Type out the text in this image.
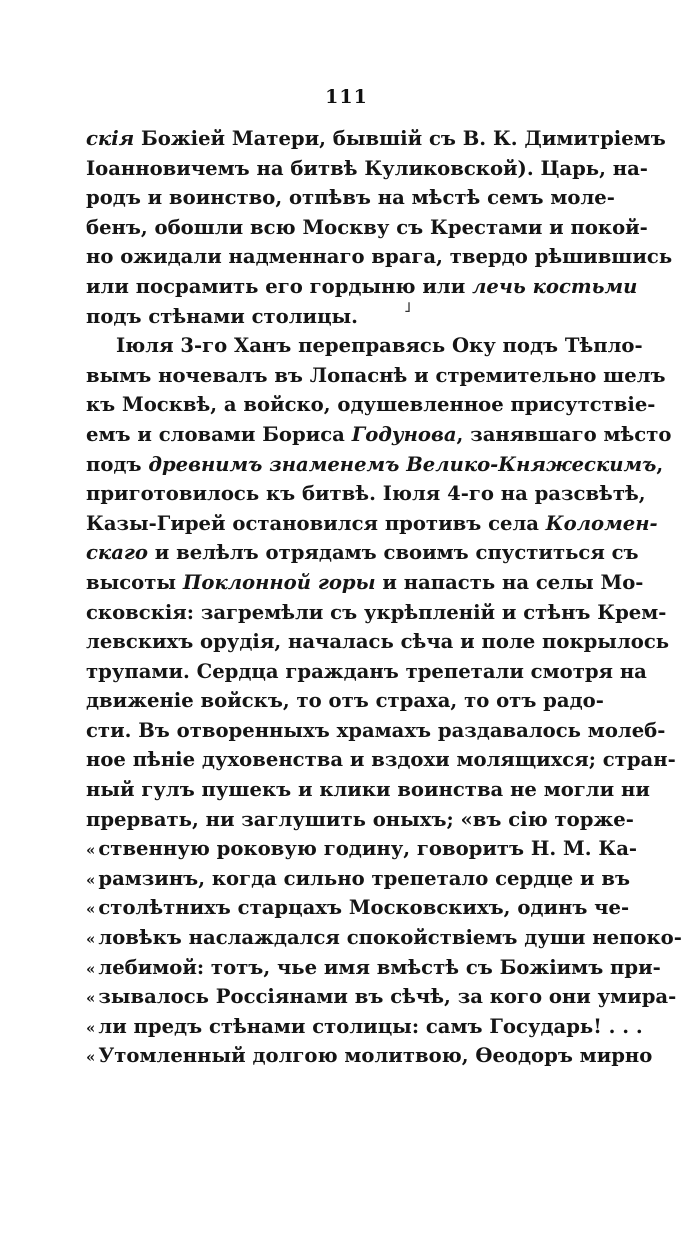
111
скія Божіей Матери, бывшій съ В. К. Димитріемъ
Іоанновичемъ на битвѣ Куликовской). Царь, на-
родъ и воинство, отпѣвъ на мѣстѣ семъ моле-
бенъ, обошли всю Москву съ Крестами и покой-
но ожидали надменнаго врага, твердо рѣшившись
или посрамить его гордыню или лечь костьми
подъ стѣнами столицы.
Іюля 3-го Ханъ переправясь Оку подъ Тѣпло-
вымъ ночевалъ въ Лопаснѣ и стремительно шелъ
къ Москвѣ, а войско, одушевленное присутствіе-
емъ и словами Бориса Годунова, занявшаго мѣсто
подъ древнимъ знаменемъ Велико-Княжескимъ,
приготовилось къ битвѣ. Іюля 4-го на разсвѣтѣ,
Казы-Гирей остановился противъ села Коломен-
скаго и велѣлъ отрядамъ своимъ спуститься съ
высоты Поклонной горы и напасть на селы Мо-
сковскія: загремѣли съ укрѣпленій и стѣнъ Крем-
левскихъ орудія, началась сѣча и поле покрылось
трупами. Сердца гражданъ трепетали смотря на
движеніе войскъ, то отъ страха, то отъ радо-
сти. Въ отворенныхъ храмахъ раздавалось молеб-
ное пѣніе духовенства и вздохи молящихся; стран-
ный гулъ пушекъ и клики воинства не могли ни
прервать, ни заглушить оныхъ; «въ сію торже-
« ственную роковую годину, говоритъ Н. М. Ка-
« рамзинъ, когда сильно трепетало сердце и въ
« столѣтнихъ старцахъ Московскихъ, одинъ че-
« ловѣкъ наслаждался спокойствіемъ души непоко-
« лебимой: тотъ, чье имя вмѣстѣ съ Божіимъ при-
« зывалось Россіянами въ сѣчѣ, за кого они умира-
« ли предъ стѣнами столицы: самъ Государь! . . .
« Утомленный долгою молитвою, Ѳеодоръ мирно
˩
